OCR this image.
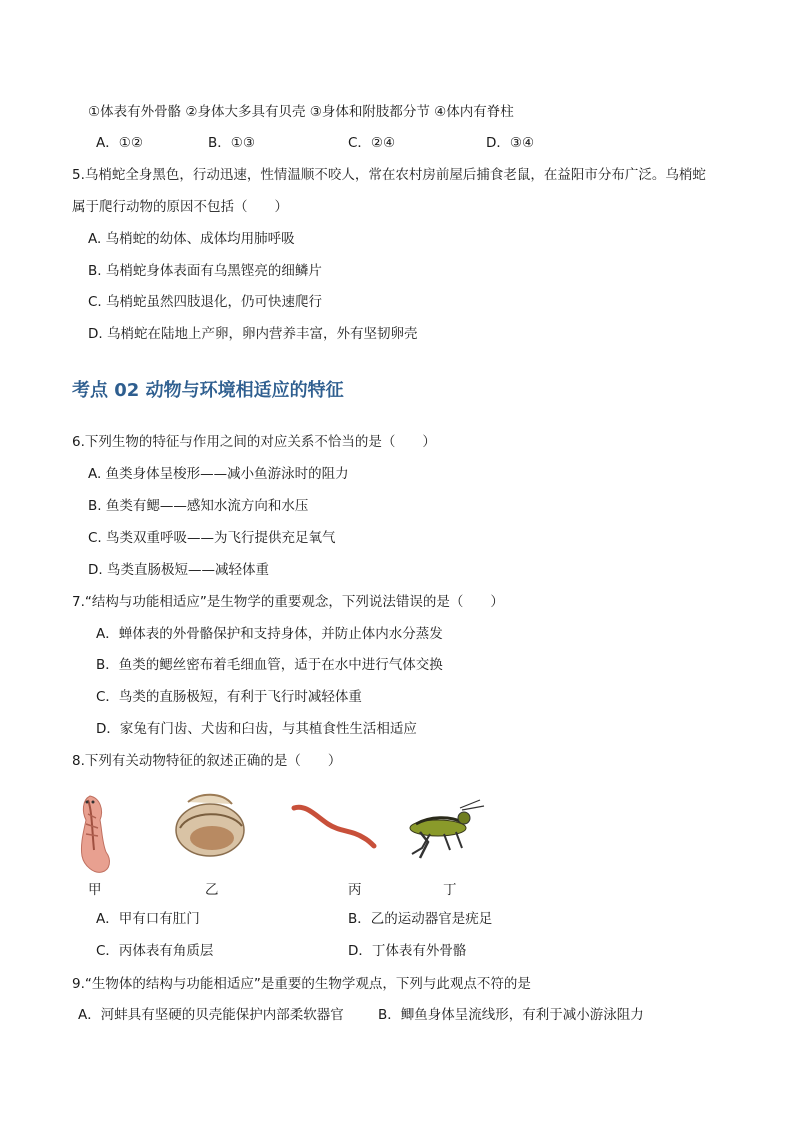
①体表有外骨骼 ②身体大多具有贝壳 ③身体和附肢都分节 ④体内有脊柱
A．①②	B．①③	C．②④	D．③④
5.乌梢蛇全身黑色，行动迅速，性情温顺不咬人，常在农村房前屋后捕食老鼠，在益阳市分布广泛。乌梢蛇
属于爬行动物的原因不包括（　　）
A. 乌梢蛇的幼体、成体均用肺呼吸
B. 乌梢蛇身体表面有乌黑铿亮的细鳞片
C. 乌梢蛇虽然四肢退化，仍可快速爬行
D. 乌梢蛇在陆地上产卵，卵内营养丰富，外有坚韧卵壳
考点 02 动物与环境相适应的特征
6.下列生物的特征与作用之间的对应关系不恰当的是（　　）
A. 鱼类身体呈梭形——减小鱼游泳时的阻力
B. 鱼类有鳃——感知水流方向和水压
C. 鸟类双重呼吸——为飞行提供充足氧气
D. 鸟类直肠极短——减轻体重
7.“结构与功能相适应”是生物学的重要观念，下列说法错误的是（　　）
A．蝉体表的外骨骼保护和支持身体，并防止体内水分蒸发
B．鱼类的鳃丝密布着毛细血管，适于在水中进行气体交换
C．鸟类的直肠极短，有利于飞行时减轻体重
D．家兔有门齿、犬齿和臼齿，与其植食性生活相适应
8.下列有关动物特征的叙述正确的是（　　）
甲	乙	丙	丁
A．甲有口有肛门	B．乙的运动器官是疣足
C．丙体表有角质层	D．丁体表有外骨骼
9.“生物体的结构与功能相适应”是重要的生物学观点，下列与此观点不符的是
A．河蚌具有坚硬的贝壳能保护内部柔软器官	B．鲫鱼身体呈流线形，有利于减小游泳阻力
